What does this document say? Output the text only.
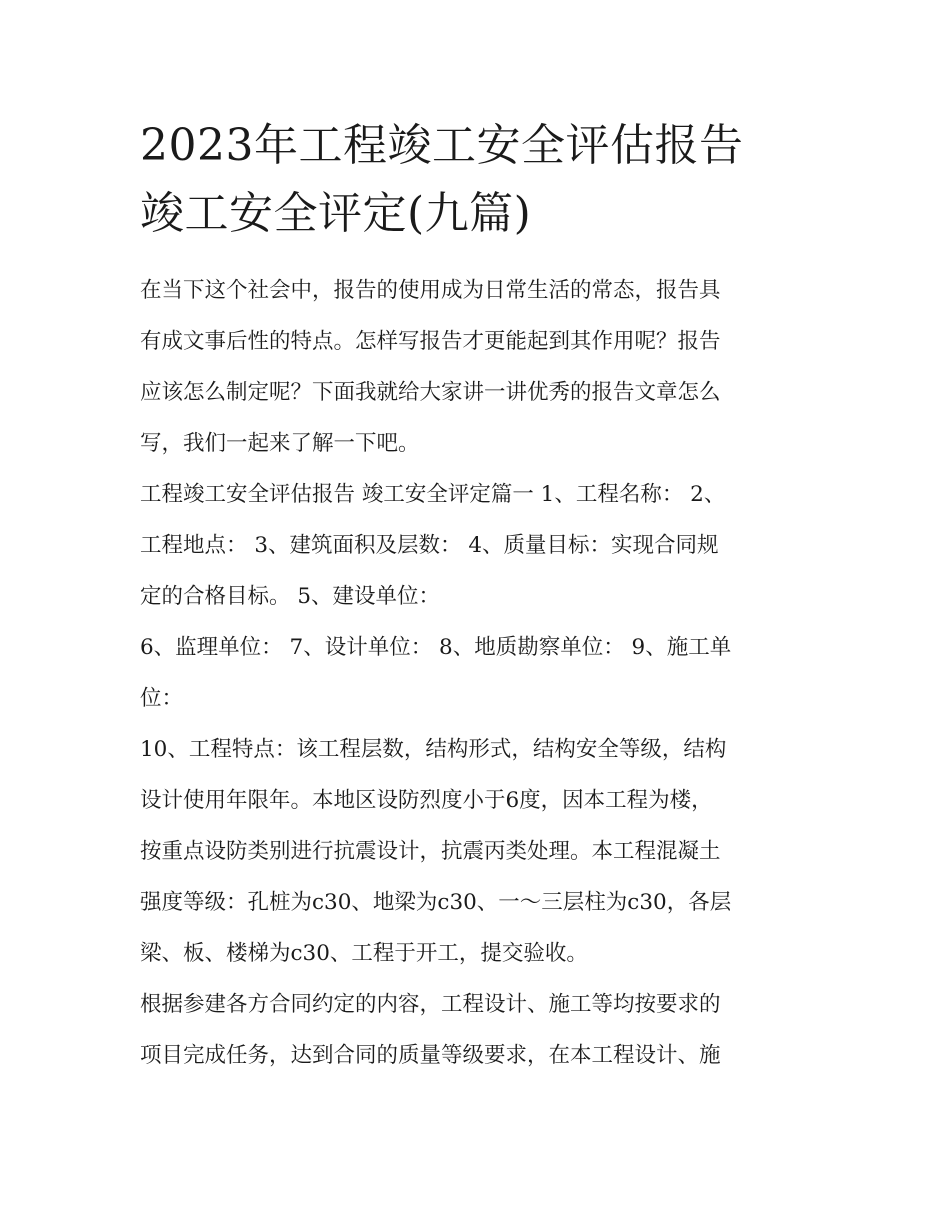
2023年工程竣工安全评估报告
竣工安全评定(九篇)

在当下这个社会中，报告的使用成为日常生活的常态，报告具
有成文事后性的特点。怎样写报告才更能起到其作用呢？报告
应该怎么制定呢？下面我就给大家讲一讲优秀的报告文章怎么
写，我们一起来了解一下吧。

工程竣工安全评估报告 竣工安全评定篇一 1、工程名称： 2、
工程地点： 3、建筑面积及层数： 4、质量目标：实现合同规
定的合格目标。 5、建设单位：

6、监理单位： 7、设计单位： 8、地质勘察单位： 9、施工单
位：

10、工程特点：该工程层数，结构形式，结构安全等级，结构
设计使用年限年。本地区设防烈度小于6度，因本工程为楼，
按重点设防类别进行抗震设计，抗震丙类处理。本工程混凝土
强度等级：孔桩为c30、地梁为c30、一～三层柱为c30，各层
梁、板、楼梯为c30、工程于开工，提交验收。

根据参建各方合同约定的内容，工程设计、施工等均按要求的
项目完成任务，达到合同的质量等级要求，在本工程设计、施
